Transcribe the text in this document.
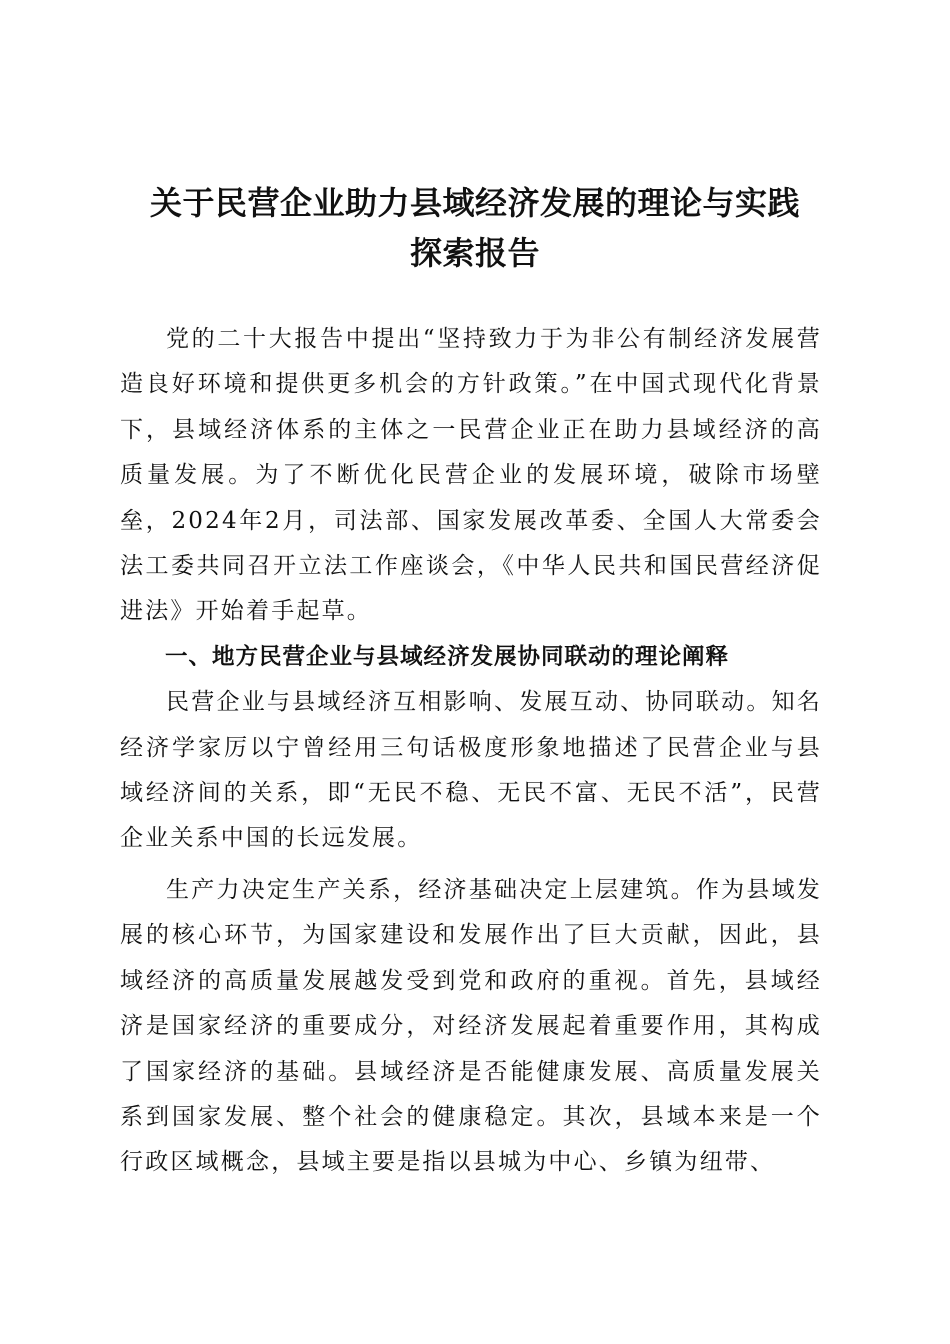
关于民营企业助力县域经济发展的理论与实践
探索报告

党的二十大报告中提出“坚持致力于为非公有制经济发展营造良好环境和提供更多机会的方针政策。”在中国式现代化背景下，县域经济体系的主体之一民营企业正在助力县域经济的高质量发展。为了不断优化民营企业的发展环境，破除市场壁垒，2024年2月，司法部、国家发展改革委、全国人大常委会法工委共同召开立法工作座谈会，《中华人民共和国民营经济促进法》开始着手起草。

一、地方民营企业与县域经济发展协同联动的理论阐释

民营企业与县域经济互相影响、发展互动、协同联动。知名经济学家厉以宁曾经用三句话极度形象地描述了民营企业与县域经济间的关系，即“无民不稳、无民不富、无民不活”，民营企业关系中国的长远发展。

生产力决定生产关系，经济基础决定上层建筑。作为县域发展的核心环节，为国家建设和发展作出了巨大贡献，因此，县域经济的高质量发展越发受到党和政府的重视。首先，县域经济是国家经济的重要成分，对经济发展起着重要作用，其构成了国家经济的基础。县域经济是否能健康发展、高质量发展关系到国家发展、整个社会的健康稳定。其次，县域本来是一个行政区域概念，县域主要是指以县城为中心、乡镇为纽带、
